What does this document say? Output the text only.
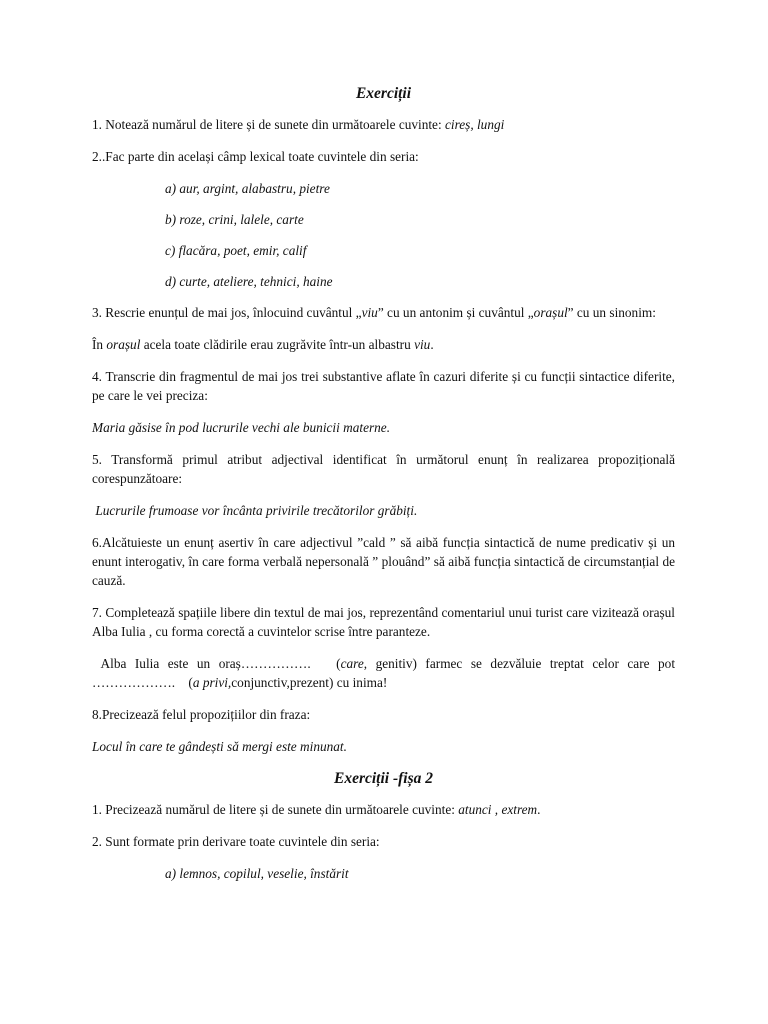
Exerciții

1. Notează numărul de litere și de sunete din următoarele cuvinte: cireș, lungi

2..Fac parte din același câmp lexical toate cuvintele din seria:

a) aur, argint, alabastru, pietre

b) roze, crini, lalele, carte

c) flacăra, poet, emir, calif

d) curte, ateliere, tehnici, haine

3. Rescrie enunțul de mai jos, înlocuind cuvântul „viu” cu un antonim și cuvântul „orașul” cu un sinonim:

În orașul acela toate clădirile erau zugrăvite într-un albastru viu.

4. Transcrie din fragmentul de mai jos trei substantive aflate în cazuri diferite și cu funcții sintactice diferite, pe care le vei preciza:

Maria găsise în pod lucrurile vechi ale bunicii materne.

5. Transformă primul atribut adjectival identificat în următorul enunț în realizarea propozițională corespunzătoare:

Lucrurile frumoase vor încânta privirile trecătorilor grăbiți.

6.Alcătuieste un enunț asertiv în care adjectivul ”cald ” să aibă funcția sintactică de nume predicativ și un enunt interogativ, în care forma verbală nepersonală ” plouând” să aibă funcția sintactică de circumstanțial de cauză.

7. Completează spațiile libere din textul de mai jos, reprezentând comentariul unui turist care vizitează orașul Alba Iulia , cu forma corectă a cuvintelor scrise între paranteze.

Alba Iulia este un oraș…………….   (care, genitiv) farmec se dezvăluie treptat celor care pot ……………….    (a privi,conjunctiv,prezent) cu inima!

8.Precizează felul propozițiilor din fraza:

Locul în care te gândești să mergi este minunat.

Exerciții -fișa 2

1. Precizează numărul de litere și de sunete din următoarele cuvinte: atunci , extrem.

2. Sunt formate prin derivare toate cuvintele din seria:

a) lemnos, copilul, veselie, înstărit
